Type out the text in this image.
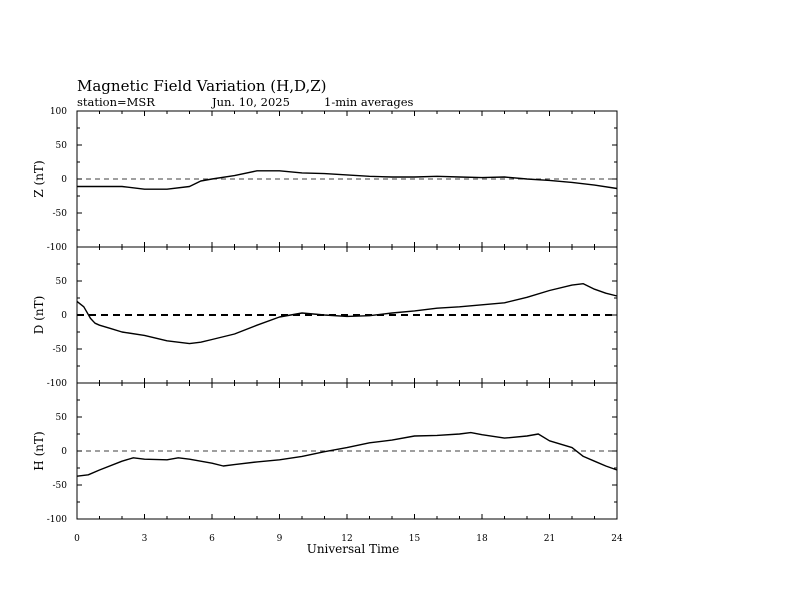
Magnetic Field Variation (H,D,Z)
station=MSR	Jun. 10, 2025	1-min averages
Universal Time
100
50
0
-50
-100
Z (nT)
50
0
-50
-100
D (nT)
50
0
-50
-100
H (nT)
0	3	6	9	12	15	18	21	24
